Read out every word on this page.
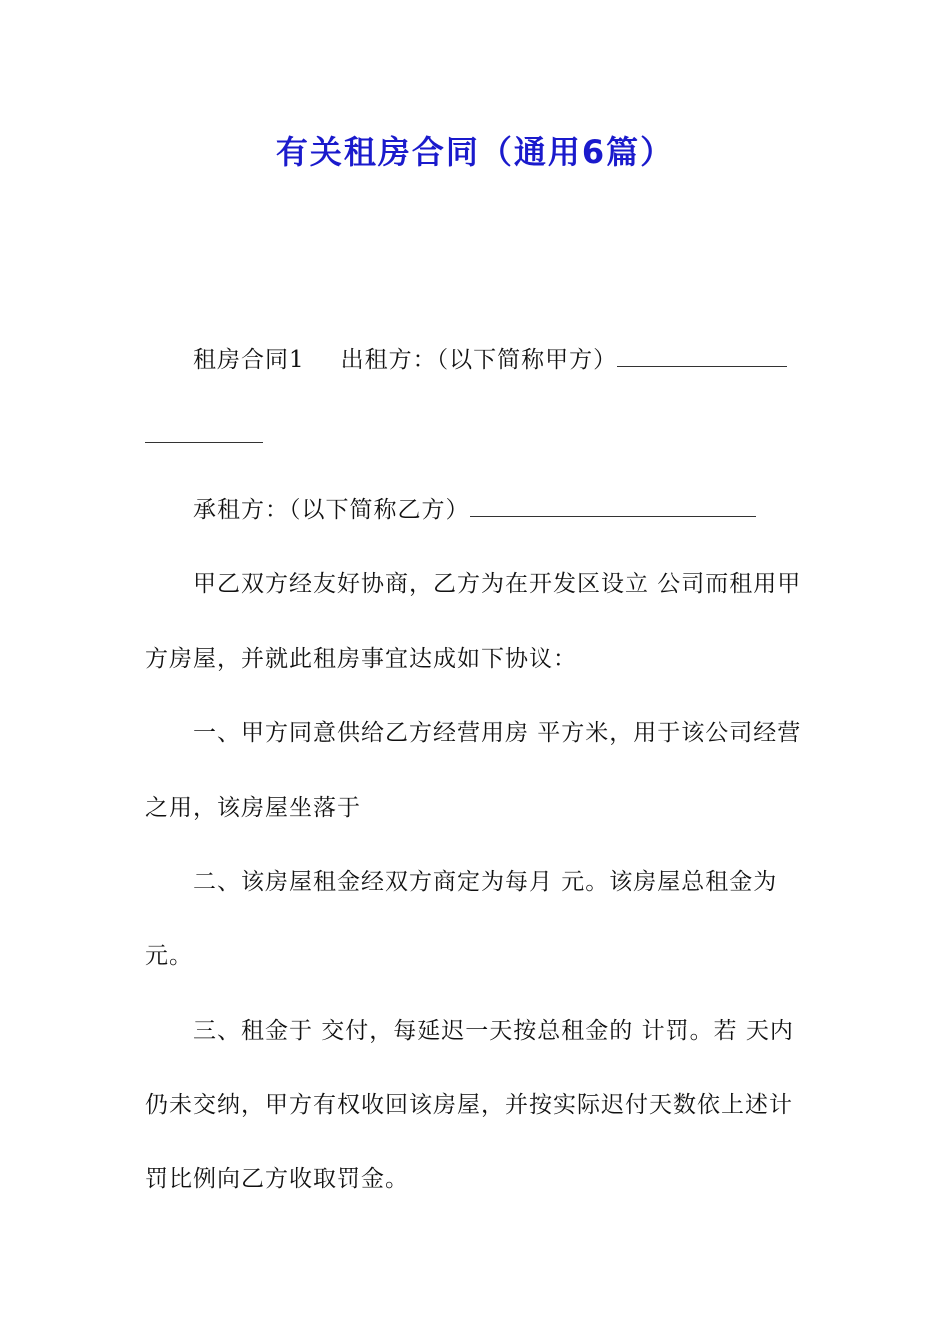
有关租房合同（通用6篇）
租房合同1 出租方：（以下简称甲方）
承租方：（以下简称乙方）
甲乙双方经友好协商，乙方为在开发区设立 公司而租用甲
方房屋，并就此租房事宜达成如下协议：
一、甲方同意供给乙方经营用房 平方米，用于该公司经营
之用，该房屋坐落于
二、该房屋租金经双方商定为每月 元。该房屋总租金为
元。
三、租金于 交付，每延迟一天按总租金的 计罚。若 天内
仍未交纳，甲方有权收回该房屋，并按实际迟付天数依上述计
罚比例向乙方收取罚金。
